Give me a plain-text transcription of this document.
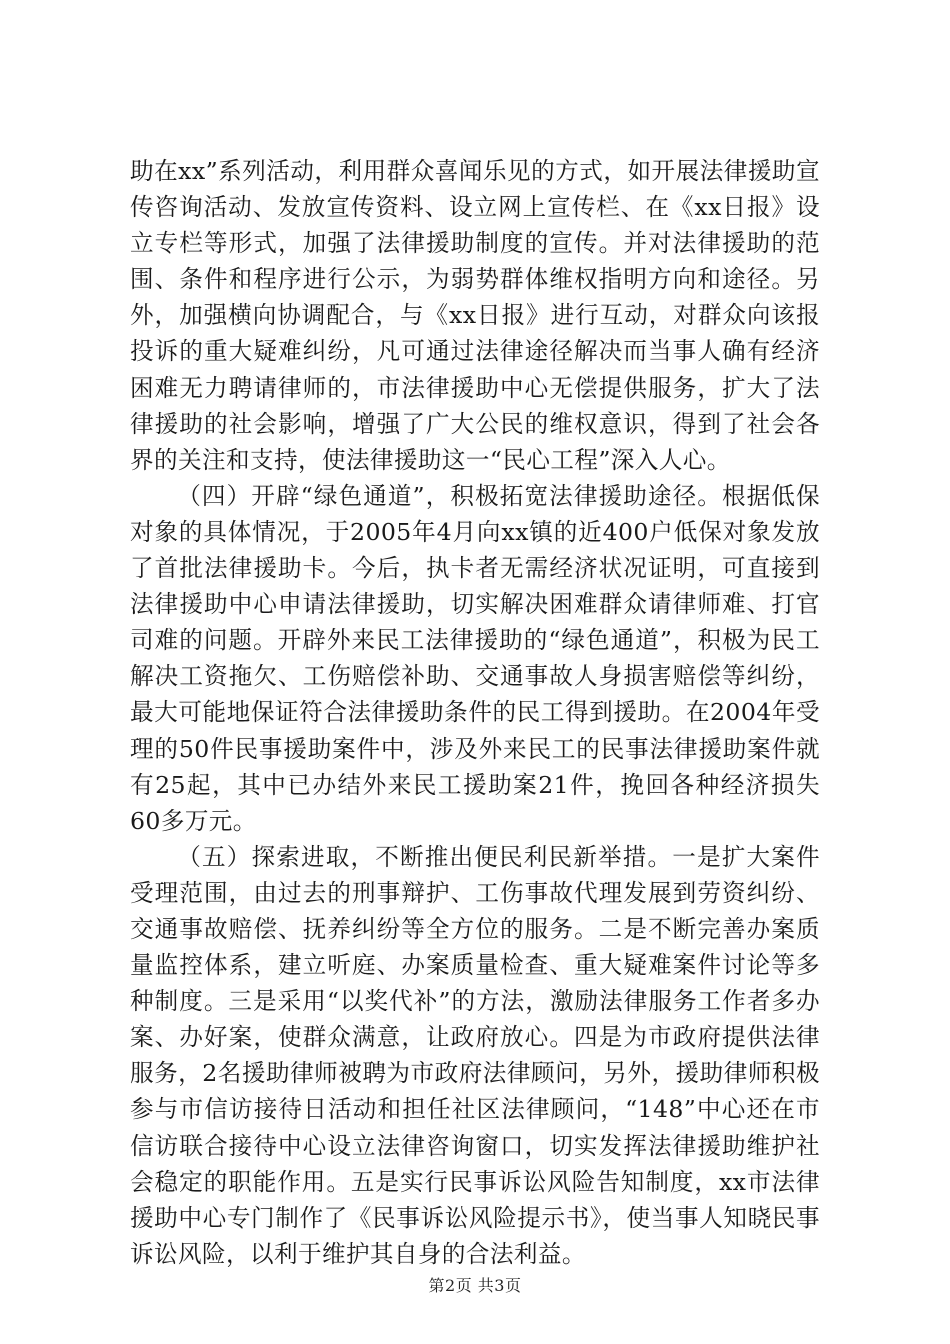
助在xx”系列活动，利用群众喜闻乐见的方式，如开展法律援助宣传咨询活动、发放宣传资料、设立网上宣传栏、在《xx日报》设立专栏等形式，加强了法律援助制度的宣传。并对法律援助的范围、条件和程序进行公示，为弱势群体维权指明方向和途径。另外，加强横向协调配合，与《xx日报》进行互动，对群众向该报投诉的重大疑难纠纷，凡可通过法律途径解决而当事人确有经济困难无力聘请律师的，市法律援助中心无偿提供服务，扩大了法律援助的社会影响，增强了广大公民的维权意识，得到了社会各界的关注和支持，使法律援助这一“民心工程”深入人心。

（四）开辟“绿色通道”，积极拓宽法律援助途径。根据低保对象的具体情况，于2005年4月向xx镇的近400户低保对象发放了首批法律援助卡。今后，执卡者无需经济状况证明，可直接到法律援助中心申请法律援助，切实解决困难群众请律师难、打官司难的问题。开辟外来民工法律援助的“绿色通道”，积极为民工解决工资拖欠、工伤赔偿补助、交通事故人身损害赔偿等纠纷，最大可能地保证符合法律援助条件的民工得到援助。在2004年受理的50件民事援助案件中，涉及外来民工的民事法律援助案件就有25起，其中已办结外来民工援助案21件，挽回各种经济损失60多万元。

（五）探索进取，不断推出便民利民新举措。一是扩大案件受理范围，由过去的刑事辩护、工伤事故代理发展到劳资纠纷、交通事故赔偿、抚养纠纷等全方位的服务。二是不断完善办案质量监控体系，建立听庭、办案质量检查、重大疑难案件讨论等多种制度。三是采用“以奖代补”的方法，激励法律服务工作者多办案、办好案，使群众满意，让政府放心。四是为市政府提供法律服务，2名援助律师被聘为市政府法律顾问，另外，援助律师积极参与市信访接待日活动和担任社区法律顾问，“148”中心还在市信访联合接待中心设立法律咨询窗口，切实发挥法律援助维护社会稳定的职能作用。五是实行民事诉讼风险告知制度，xx市法律援助中心专门制作了《民事诉讼风险提示书》，使当事人知晓民事诉讼风险，以利于维护其自身的合法利益。

第2页 共3页
